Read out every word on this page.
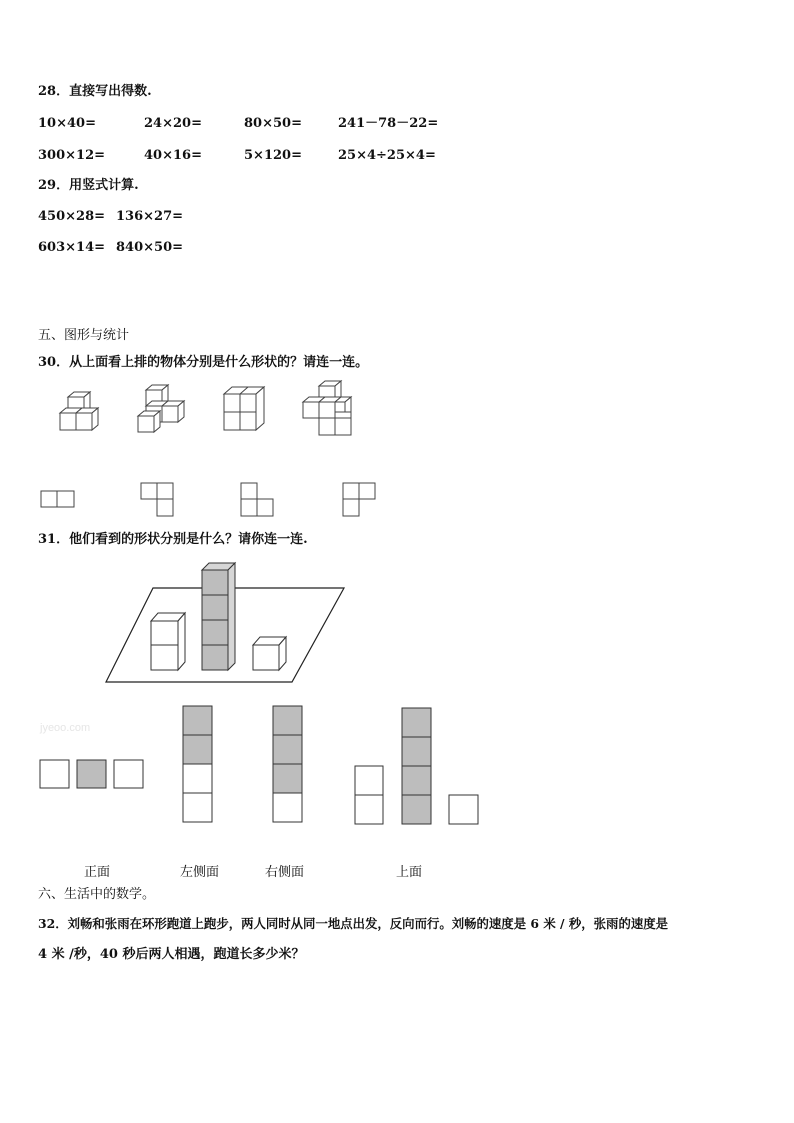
28．直接写出得数.
10×40=	24×20=	80×50=	241－78－22=
300×12=	40×16=	5×120=	25×4÷25×4=
29．用竖式计算.
450×28= 136×27=
603×14= 840×50=
五、图形与统计
30．从上面看上排的物体分别是什么形状的？请连一连。
31．他们看到的形状分别是什么？请你连一连.
jyeoo.com
正面	左侧面	右侧面	上面
六、生活中的数学。
32．刘畅和张雨在环形跑道上跑步，两人同时从同一地点出发，反向而行。刘畅的速度是 6 米 / 秒，张雨的速度是
4 米 /秒，40 秒后两人相遇，跑道长多少米？
